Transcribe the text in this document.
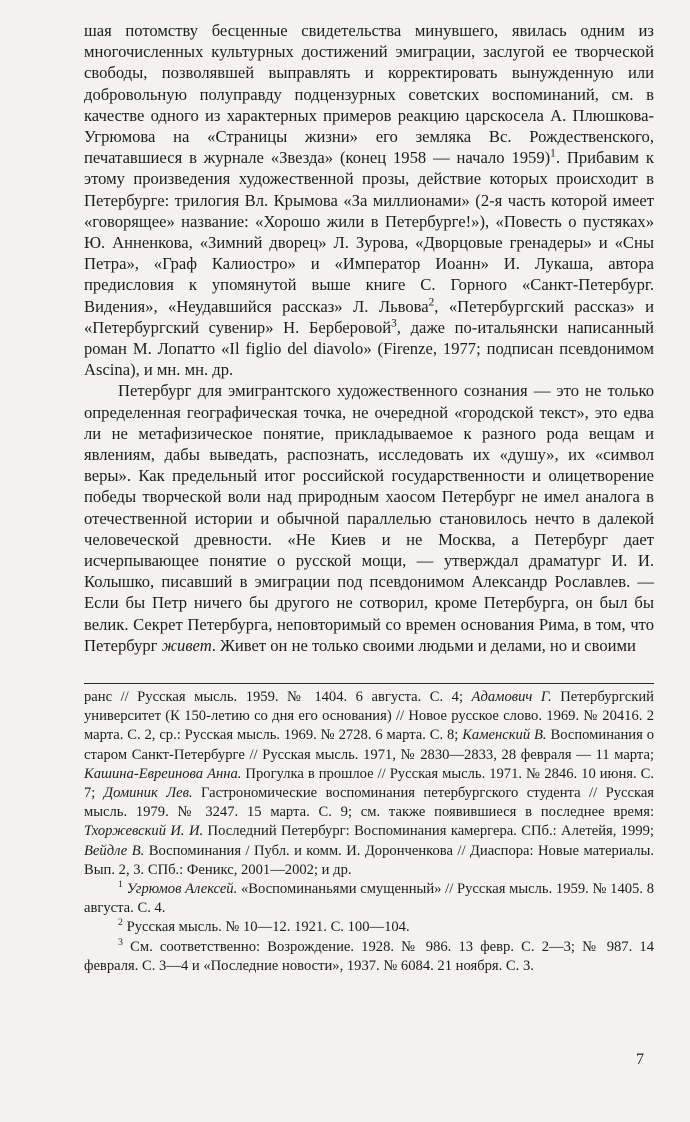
шая потомству бесценные свидетельства минувшего, явилась одним из многочисленных культурных достижений эмиграции, заслугой ее творческой свободы, позволявшей выправлять и корректировать вынужденную или добровольную полуправду подцензурных советских воспоминаний, см. в качестве одного из характерных примеров реакцию царскосела А. Плюшкова-Угрюмова на «Страницы жизни» его земляка Вс. Рождественского, печатавшиеся в журнале «Звезда» (конец 1958 — начало 1959)$^1$. Прибавим к этому произведения художественной прозы, действие которых происходит в Петербурге: трилогия Вл. Крымова «За миллионами» (2-я часть которой имеет «говорящее» название: «Хорошо жили в Петербурге!»), «Повесть о пустяках» Ю. Анненкова, «Зимний дворец» Л. Зурова, «Дворцовые гренадеры» и «Сны Петра», «Граф Калиостро» и «Император Иоанн» И. Лукаша, автора предисловия к упомянутой выше книге С. Горного «Санкт-Петербург. Видения», «Неудавшийся рассказ» Л. Львова$^2$, «Петербургский рассказ» и «Петербургский сувенир» Н. Берберовой$^3$, даже по-итальянски написанный роман М. Лопатто «Il figlio del diavolo» (Firenze, 1977; подписан псевдонимом Ascina), и мн. мн. др.

Петербург для эмигрантского художественного сознания — это не только определенная географическая точка, не очередной «городской текст», это едва ли не метафизическое понятие, прикладываемое к разного рода вещам и явлениям, дабы выведать, распознать, исследовать их «душу», их «символ веры». Как предельный итог российской государственности и олицетворение победы творческой воли над природным хаосом Петербург не имел аналога в отечественной истории и обычной параллелью становилось нечто в далекой человеческой древности. «Не Киев и не Москва, а Петербург дает исчерпывающее понятие о русской мощи, — утверждал драматург И. И. Колышко, писавший в эмиграции под псевдонимом Александр Рославлев. — Если бы Петр ничего бы другого не сотворил, кроме Петербурга, он был бы велик. Секрет Петербурга, неповторимый со времен основания Рима, в том, что Петербург живет. Живет он не только своими людьми и делами, но и своими

ранс // Русская мысль. 1959. № 1404. 6 августа. С. 4; Адамович Г. Петербургский университет (К 150-летию со дня его основания) // Новое русское слово. 1969. № 20416. 2 марта. С. 2, ср.: Русская мысль. 1969. № 2728. 6 марта. С. 8; Каменский В. Воспоминания о старом Санкт-Петербурге // Русская мысль. 1971, № 2830—2833, 28 февраля — 11 марта; Кашина-Евреинова Анна. Прогулка в прошлое // Русская мысль. 1971. № 2846. 10 июня. С. 7; Доминик Лев. Гастрономические воспоминания петербургского студента // Русская мысль. 1979. № 3247. 15 марта. С. 9; см. также появившиеся в последнее время: Тхоржевский И. И. Последний Петербург: Воспоминания камергера. СПб.: Алетейя, 1999; Вейдле В. Воспоминания / Публ. и комм. И. Доронченкова // Диаспора: Новые материалы. Вып. 2, 3. СПб.: Феникс, 2001—2002; и др.

$^1$ Угрюмов Алексей. «Воспоминаньями смущенный» // Русская мысль. 1959. № 1405. 8 августа. С. 4.

$^2$ Русская мысль. № 10—12. 1921. С. 100—104.

$^3$ См. соответственно: Возрождение. 1928. № 986. 13 февр. С. 2—3; № 987. 14 февраля. С. 3—4 и «Последние новости», 1937. № 6084. 21 ноября. С. 3.

7
